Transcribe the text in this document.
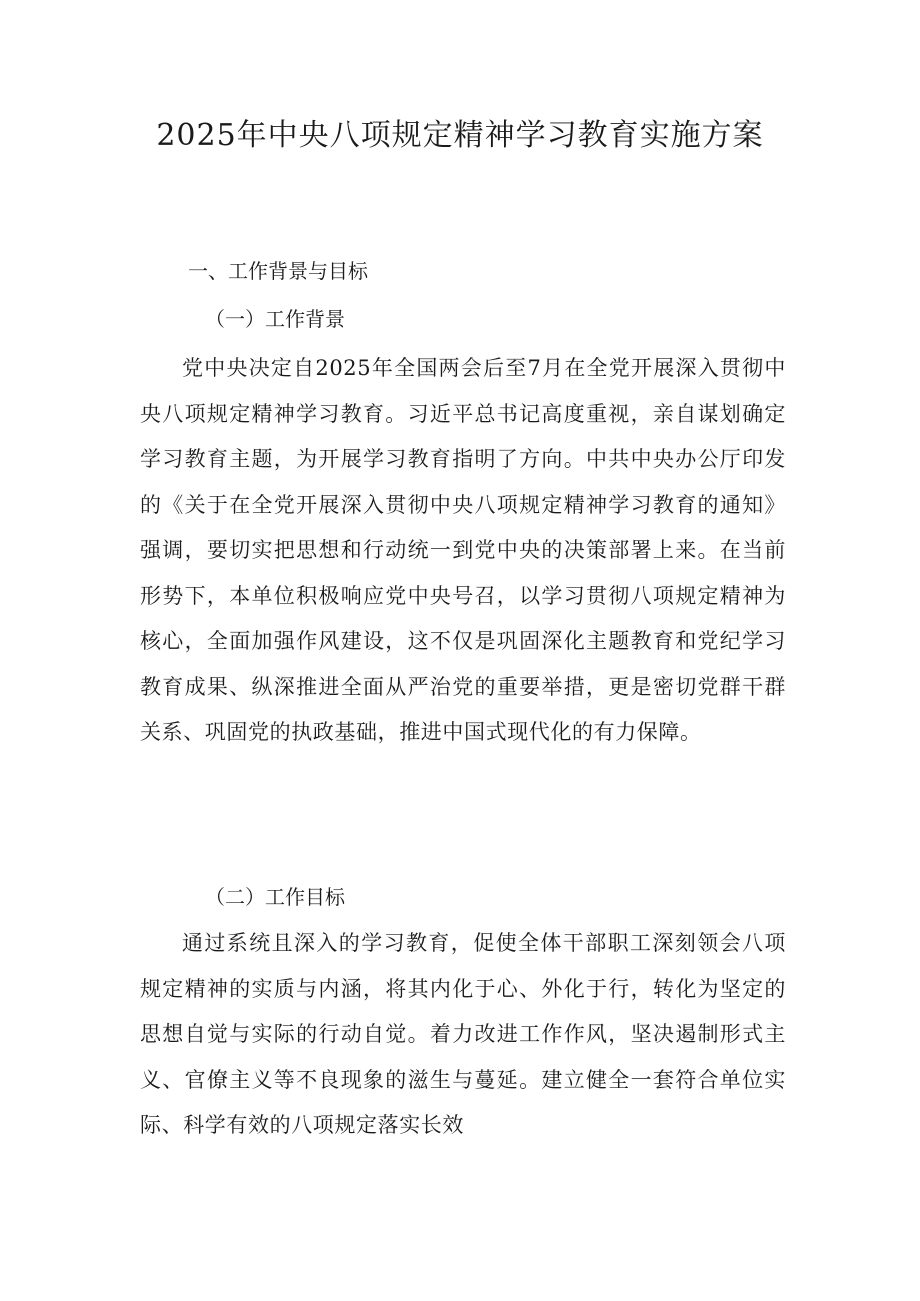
2025年中央八项规定精神学习教育实施方案
一、工作背景与目标
（一）工作背景

党中央决定自2025年全国两会后至7月在全党开展深入贯彻中央八项规定精神学习教育。习近平总书记高度重视，亲自谋划确定学习教育主题，为开展学习教育指明了方向。中共中央办公厅印发的《关于在全党开展深入贯彻中央八项规定精神学习教育的通知》强调，要切实把思想和行动统一到党中央的决策部署上来。在当前形势下，本单位积极响应党中央号召，以学习贯彻八项规定精神为核心，全面加强作风建设，这不仅是巩固深化主题教育和党纪学习教育成果、纵深推进全面从严治党的重要举措，更是密切党群干群关系、巩固党的执政基础，推进中国式现代化的有力保障。

（二）工作目标

通过系统且深入的学习教育，促使全体干部职工深刻领会八项规定精神的实质与内涵，将其内化于心、外化于行，转化为坚定的思想自觉与实际的行动自觉。着力改进工作作风，坚决遏制形式主义、官僚主义等不良现象的滋生与蔓延。建立健全一套符合单位实际、科学有效的八项规定落实长效
